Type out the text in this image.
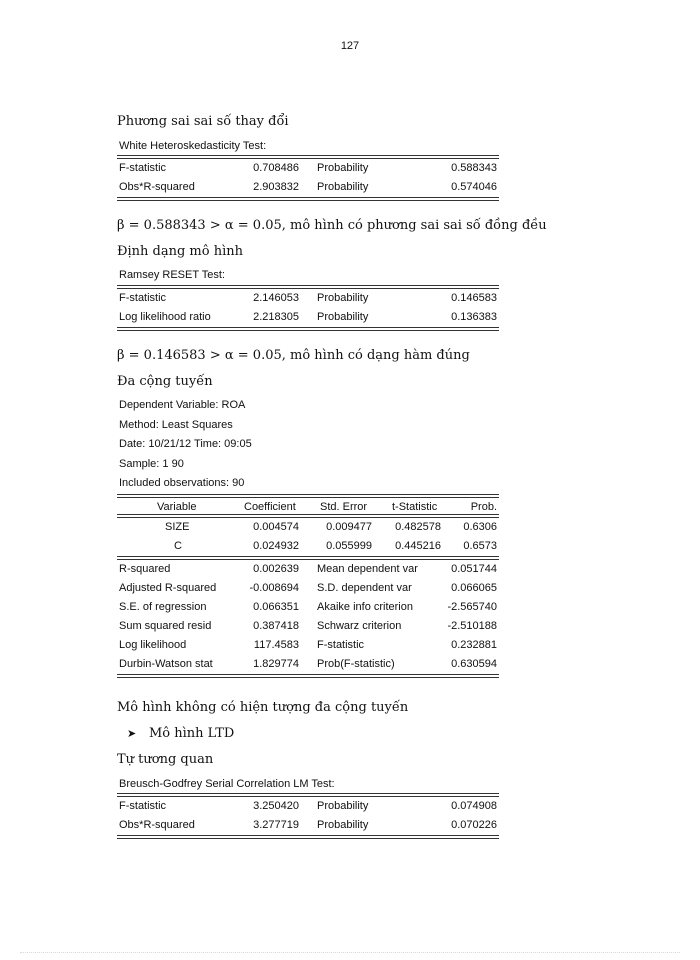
127
Phương sai sai số thay đổi
White Heteroskedasticity Test:
F-statistic	0.708486 Probability	0.588343
Obs*R-squared	2.903832 Probability	0.574046
β = 0.588343 > α = 0.05, mô hình có phương sai sai số đồng đều
Định dạng mô hình
Ramsey RESET Test:
F-statistic	2.146053 Probability	0.146583
Log likelihood ratio	2.218305 Probability	0.136383
β = 0.146583 > α = 0.05, mô hình có dạng hàm đúng
Đa cộng tuyến
Dependent Variable: ROA
Method: Least Squares
Date: 10/21/12 Time: 09:05
Sample: 1 90
Included observations: 90
Variable	Coefficient Std. Error t-Statistic	Prob.
SIZE	0.004574 0.009477 0.482578 0.6306
C	0.024932 0.055999 0.445216 0.6573
R-squared	0.002639 Mean dependent var	0.051744
Adjusted R-squared	-0.008694 S.D. dependent var	0.066065
S.E. of regression	0.066351 Akaike info criterion	-2.565740
Sum squared resid	0.387418 Schwarz criterion	-2.510188
Log likelihood	117.4583 F-statistic	0.232881
Durbin-Watson stat	1.829774 Prob(F-statistic)	0.630594
Mô hình không có hiện tượng đa cộng tuyến
➤ Mô hình LTD
Tự tương quan
Breusch-Godfrey Serial Correlation LM Test:
F-statistic	3.250420 Probability	0.074908
Obs*R-squared	3.277719 Probability	0.070226
